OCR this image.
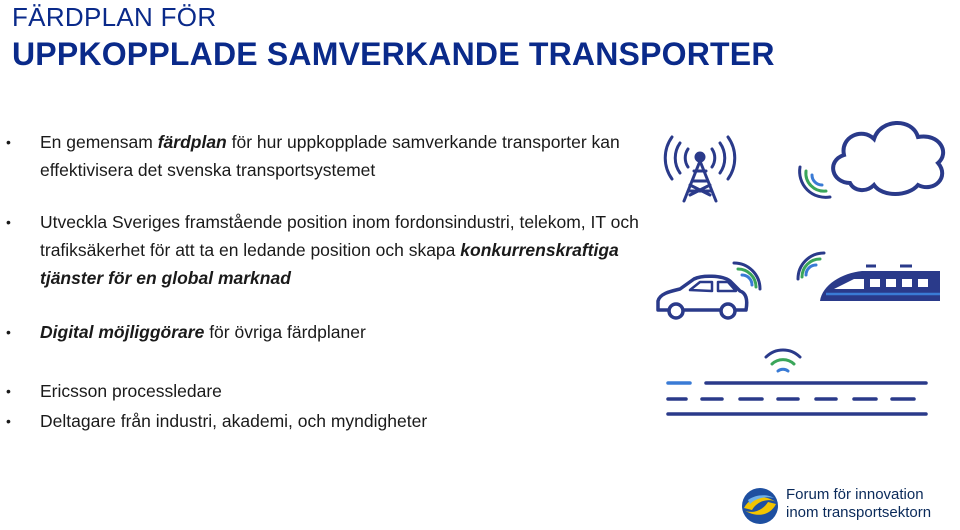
FÄRDPLAN FÖR
UPPKOPPLADE SAMVERKANDE TRANSPORTER
• En gemensam färdplan för hur uppkopplade samverkande transporter kan effektivisera det svenska transportsystemet
• Utveckla Sveriges framstående position inom fordonsindustri, telekom, IT och trafiksäkerhet för att ta en ledande position och skapa konkurrenskraftiga tjänster för en global marknad
• Digital möjliggörare för övriga färdplaner
• Ericsson processledare
• Deltagare från industri, akademi, och myndigheter
Forum för innovation
inom transportsektorn
